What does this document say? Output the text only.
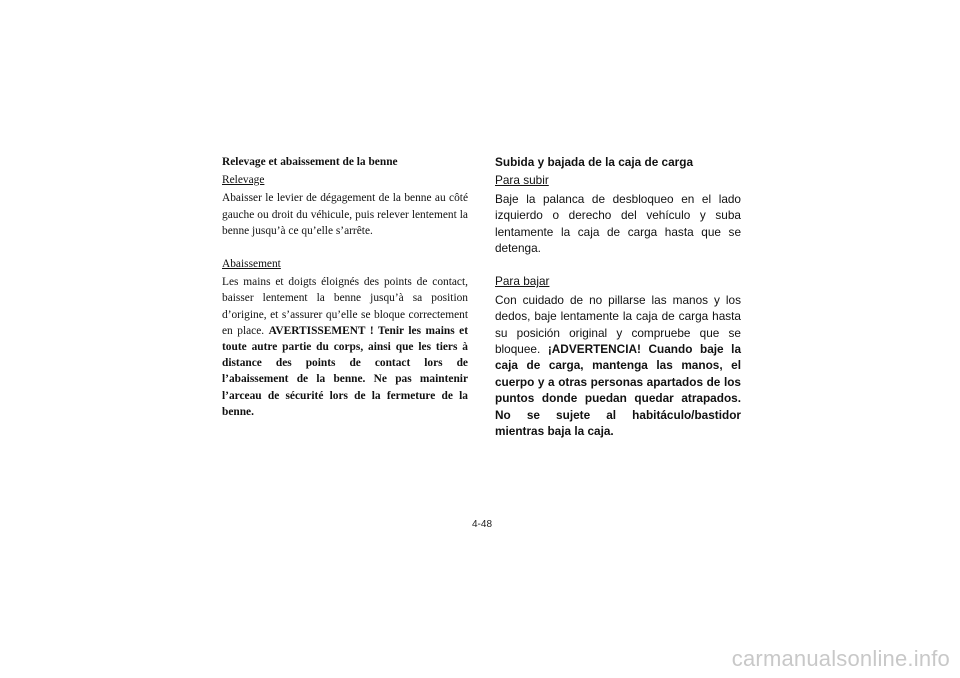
Relevage et abaissement de la benne
Relevage

Abaisser le levier de dégagement de la benne au côté gauche ou droit du véhicule, puis relever lentement la benne jusqu’à ce qu’elle s’arrête.

Abaissement

Les mains et doigts éloignés des points de contact, baisser lentement la benne jusqu’à sa position d’origine, et s’assurer qu’elle se bloque correctement en place. AVERTISSEMENT ! Tenir les mains et toute autre partie du corps, ainsi que les tiers à distance des points de contact lors de l’abaissement de la benne. Ne pas maintenir l’arceau de sécurité lors de la fermeture de la benne.

Subida y bajada de la caja de carga
Para subir

Baje la palanca de desbloqueo en el lado izquierdo o derecho del vehículo y suba lentamente la caja de carga hasta que se detenga.

Para bajar

Con cuidado de no pillarse las manos y los dedos, baje lentamente la caja de carga hasta su posición original y compruebe que se bloquee. ¡ADVERTENCIA! Cuando baje la caja de carga, mantenga las manos, el cuerpo y a otras personas apartados de los puntos donde puedan quedar atrapados. No se sujete al habitáculo/bastidor mientras baja la caja.

4-48
carmanualsonline.info
